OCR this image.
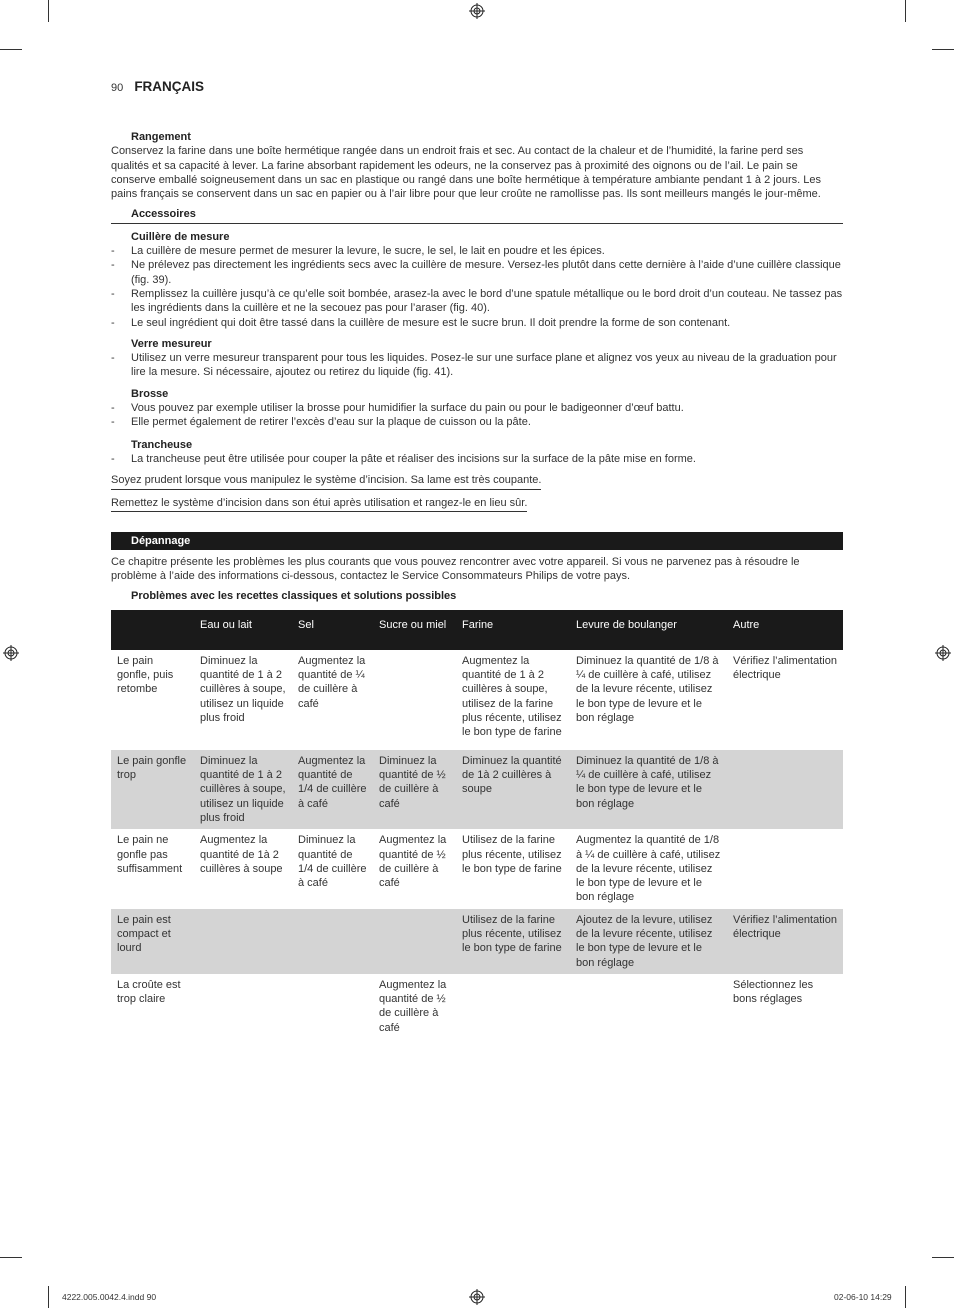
90 FRANÇAIS
Rangement

Conservez la farine dans une boîte hermétique rangée dans un endroit frais et sec. Au contact de la chaleur et de l’humidité, la farine perd ses qualités et sa capacité à lever. La farine absorbant rapidement les odeurs, ne la conservez pas à proximité des oignons ou de l’ail. Le pain se conserve emballé soigneusement dans un sac en plastique ou rangé dans une boîte hermétique à température ambiante pendant 1 à 2 jours. Les pains français se conservent dans un sac en papier ou à l’air libre pour que leur croûte ne ramollisse pas. Ils sont meilleurs mangés le jour-même.

Accessoires
Cuillère de mesure
- La cuillère de mesure permet de mesurer la levure, le sucre, le sel, le lait en poudre et les épices.
- Ne prélevez pas directement les ingrédients secs avec la cuillère de mesure. Versez-les plutôt dans cette dernière à l’aide d’une cuillère classique (fig. 39).
- Remplissez la cuillère jusqu’à ce qu’elle soit bombée, arasez-la avec le bord d’une spatule métallique ou le bord droit d’un couteau. Ne tassez pas les ingrédients dans la cuillère et ne la secouez pas pour l’araser (fig. 40).
- Le seul ingrédient qui doit être tassé dans la cuillère de mesure est le sucre brun. Il doit prendre la forme de son contenant.
Verre mesureur
- Utilisez un verre mesureur transparent pour tous les liquides. Posez-le sur une surface plane et alignez vos yeux au niveau de la graduation pour lire la mesure. Si nécessaire, ajoutez ou retirez du liquide (fig. 41).
Brosse
- Vous pouvez par exemple utiliser la brosse pour humidifier la surface du pain ou pour le badigeonner d’œuf battu.
- Elle permet également de retirer l’excès d’eau sur la plaque de cuisson ou la pâte.
Trancheuse
- La trancheuse peut être utilisée pour couper la pâte et réaliser des incisions sur la surface de la pâte mise en forme.
Soyez prudent lorsque vous manipulez le système d’incision. Sa lame est très coupante.
Remettez le système d’incision dans son étui après utilisation et rangez-le en lieu sûr.
Dépannage

Ce chapitre présente les problèmes les plus courants que vous pouvez rencontrer avec votre appareil. Si vous ne parvenez pas à résoudre le problème à l’aide des informations ci-dessous, contactez le Service Consommateurs Philips de votre pays.

Problèmes avec les recettes classiques et solutions possibles
	Eau ou lait	Sel	Sucre ou miel	Farine	Levure de boulanger	Autre
Le pain gonfle, puis retombe	Diminuez la quantité de 1 à 2 cuillères à soupe, utilisez un liquide plus froid	Augmentez la quantité de ¼ de cuillère à café		Augmentez la quantité de 1 à 2 cuillères à soupe, utilisez de la farine plus récente, utilisez le bon type de farine	Diminuez la quantité de 1/8 à ¼ de cuillère à café, utilisez de la levure récente, utilisez le bon type de levure et le bon réglage	Vérifiez l’alimentation électrique
Le pain gonfle trop	Diminuez la quantité de 1 à 2 cuillères à soupe, utilisez un liquide plus froid	Augmentez la quantité de 1/4 de cuillère à café	Diminuez la quantité de ½ de cuillère à café	Diminuez la quantité de 1à 2 cuillères à soupe	Diminuez la quantité de 1/8 à ¼ de cuillère à café, utilisez le bon type de levure et le bon réglage	
Le pain ne gonfle pas suffisamment	Augmentez la quantité de 1à 2 cuillères à soupe	Diminuez la quantité de 1/4 de cuillère à café	Augmentez la quantité de ½ de cuillère à café	Utilisez de la farine plus récente, utilisez le bon type de farine	Augmentez la quantité de 1/8 à ¼ de cuillère à café, utilisez de la levure récente, utilisez le bon type de levure et le bon réglage	
Le pain est compact et lourd				Utilisez de la farine plus récente, utilisez le bon type de farine	Ajoutez de la levure, utilisez de la levure récente, utilisez le bon type de levure et le bon réglage	Vérifiez l’alimentation électrique
La croûte est trop claire			Augmentez la quantité de ½ de cuillère à café			Sélectionnez les bons réglages
4222.005.0042.4.indd 90	02-06-10 14:29
